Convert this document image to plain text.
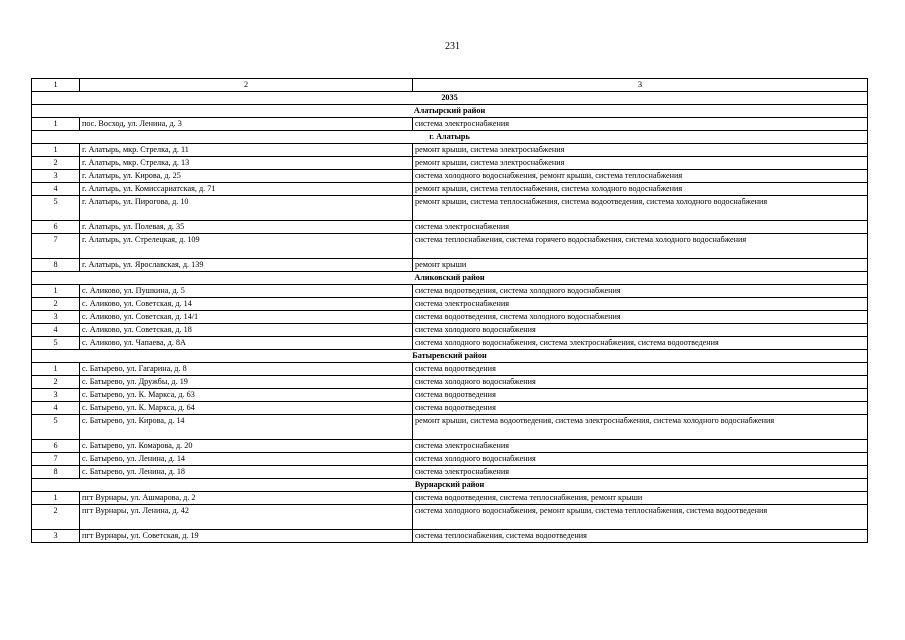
231
1	2	3
2035		
Алатырский район		
1	пос. Восход, ул. Ленина, д. 3	система электроснабжения
г. Алатырь		
1	г. Алатырь, мкр. Стрелка, д. 11	ремонт крыши, система электроснабжения
2	г. Алатырь, мкр. Стрелка, д. 13	ремонт крыши, система электроснабжения
3	г. Алатырь, ул. Кирова, д. 25	система холодного водоснабжения, ремонт крыши, система теплоснабжения
4	г. Алатырь, ул. Комиссариатская, д. 71	ремонт крыши, система теплоснабжения, система холодного водоснабжения
5	г. Алатырь, ул. Пирогова, д. 10	ремонт крыши, система теплоснабжения, система водоотведения, система холодного водоснабжения
6	г. Алатырь, ул. Полевая, д. 35	система электроснабжения
7	г. Алатырь, ул. Стрелецкая, д. 109	система теплоснабжения, система горячего водоснабжения, система холодного водоснабжения
8	г. Алатырь, ул. Ярославская, д. 139	ремонт крыши
Аликовский район		
1	с. Аликово, ул. Пушкина, д. 5	система водоотведения, система холодного водоснабжения
2	с. Аликово, ул. Советская, д. 14	система электроснабжения
3	с. Аликово, ул. Советская, д. 14/1	система водоотведения, система холодного водоснабжения
4	с. Аликово, ул. Советская, д. 18	система холодного водоснабжения
5	с. Аликово, ул. Чапаева, д. 8А	система холодного водоснабжения, система электроснабжения, система водоотведения
Батыревский район		
1	с. Батырево, ул. Гагарина, д. 8	система водоотведения
2	с. Батырево, ул. Дружбы, д. 19	система холодного водоснабжения
3	с. Батырево, ул. К. Маркса, д. 63	система водоотведения
4	с. Батырево, ул. К. Маркса, д. 64	система водоотведения
5	с. Батырево, ул. Кирова, д. 14	ремонт крыши, система водоотведения, система электроснабжения, система холодного водоснабжения
6	с. Батырево, ул. Комарова, д. 20	система электроснабжения
7	с. Батырево, ул. Ленина, д. 14	система холодного водоснабжения
8	с. Батырево, ул. Ленина, д. 18	система электроснабжения
Вурнарский район		
1	пгт Вурнары, ул. Ашмарова, д. 2	система водоотведения, система теплоснабжения, ремонт крыши
2	пгт Вурнары, ул. Ленина, д. 42	система холодного водоснабжения, ремонт крыши, система теплоснабжения, система водоотведения
3	пгт Вурнары, ул. Советская, д. 19	система теплоснабжения, система водоотведения
